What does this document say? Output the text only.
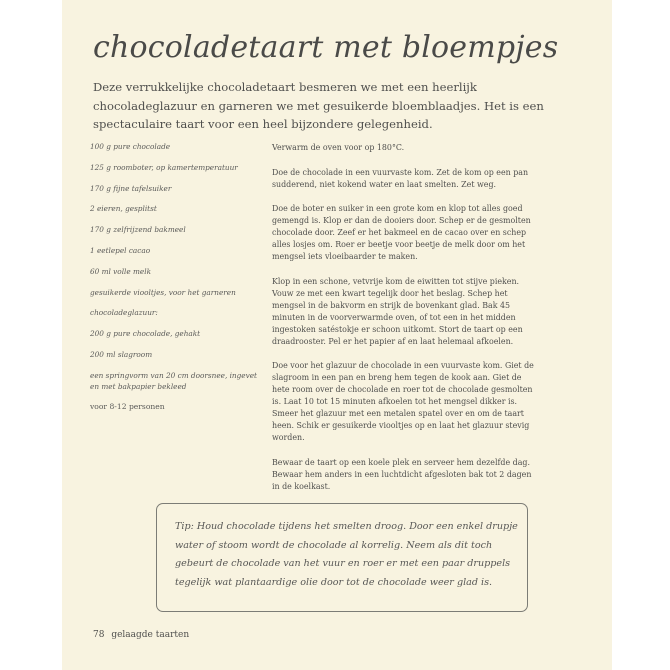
chocoladetaart met bloempjes

Deze verrukkelijke chocoladetaart besmeren we met een heerlijk chocoladeglazuur en garneren we met gesuikerde bloemblaadjes. Het is een spectaculaire taart voor een heel bijzondere gelegenheid.

100 g pure chocolade
125 g roomboter, op kamertemperatuur
170 g fijne tafelsuiker
2 eieren, gesplitst
170 g zelfrijzend bakmeel
1 eetlepel cacao
60 ml volle melk
gesuikerde viooltjes, voor het garneren
chocoladeglazuur:
200 g pure chocolade, gehakt
200 ml slagroom
een springvorm van 20 cm doorsnee, ingevet en met bakpapier bekleed
voor 8-12 personen

Verwarm de oven voor op 180°C.

Doe de chocolade in een vuurvaste kom. Zet de kom op een pan sudderend, niet kokend water en laat smelten. Zet weg.

Doe de boter en suiker in een grote kom en klop tot alles goed gemengd is. Klop er dan de dooiers door. Schep er de gesmolten chocolade door. Zeef er het bakmeel en de cacao over en schep alles losjes om. Roer er beetje voor beetje de melk door om het mengsel iets vloeibaarder te maken.

Klop in een schone, vetvrije kom de eiwitten tot stijve pieken. Vouw ze met een kwart tegelijk door het beslag. Schep het mengsel in de bakvorm en strijk de bovenkant glad. Bak 45 minuten in de voorverwarmde oven, of tot een in het midden ingestoken satéstokje er schoon uitkomt. Stort de taart op een draadrooster. Pel er het papier af en laat helemaal afkoelen.

Doe voor het glazuur de chocolade in een vuurvaste kom. Giet de slagroom in een pan en breng hem tegen de kook aan. Giet de hete room over de chocolade en roer tot de chocolade gesmolten is. Laat 10 tot 15 minuten afkoelen tot het mengsel dikker is. Smeer het glazuur met een metalen spatel over en om de taart heen. Schik er gesuikerde viooltjes op en laat het glazuur stevig worden.

Bewaar de taart op een koele plek en serveer hem dezelfde dag. Bewaar hem anders in een luchtdicht afgesloten bak tot 2 dagen in de koelkast.

Tip: Houd chocolade tijdens het smelten droog. Door een enkel drupje water of stoom wordt de chocolade al korrelig. Neem als dit toch gebeurt de chocolade van het vuur en roer er met een paar druppels tegelijk wat plantaardige olie door tot de chocolade weer glad is.

78 gelaagde taarten
